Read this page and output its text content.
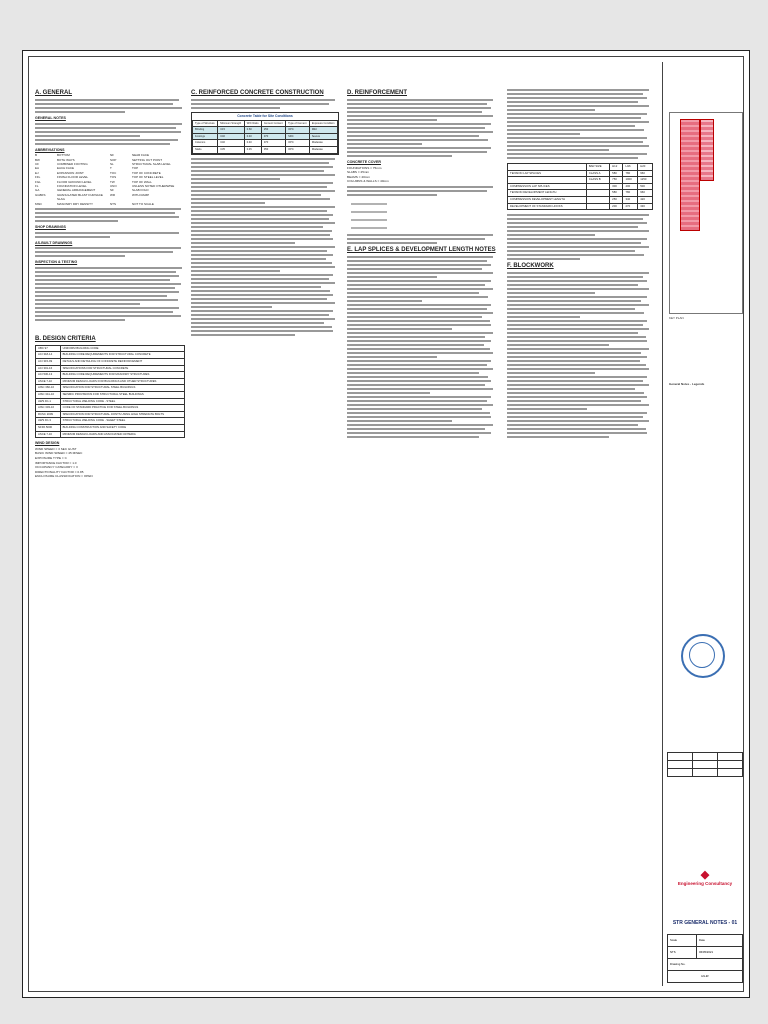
A. GENERAL
GENERAL NOTES
ABBREVIATIONS
B	BOTTOM	NF	NEAR FACE
BW	BOTH WAYS	SOP	SETTING OUT POINT
CF	COMBINED FOOTING	SL	STRUCTURAL SLAB LEVEL
EA	EACH FACE	T	TOP
EJ	EXPANSION JOINT	TOC	TOP OF CONCRETE
FFL	FINISH FLOOR LEVEL	TOS	TOP OF STEEL LEVEL
FGL	FLOOR GROUND LEVEL	TW	TOP OF WALL
FL	FOUNDATION LEVEL	UNO	UNLESS NOTED OTHERWISE
GA	GENERAL ARRANGEMENT	SF	SLAB FOLD
GGBFS	GRANULATED BLAST FURNACE SLAG
WR	WITH RAMP
MSD	MASONRY DRY DENSITY	NTS	NOT TO SCALE
SHOP DRAWINGS
AS-BUILT DRAWINGS
INSPECTION & TESTING
B. DESIGN CRITERIA
UBC 97	UNIFORM BUILDING CODE
ACI 318-14	BUILDING CODE REQUIREMENTS FOR STRUCTURAL CONCRETE
ACI 315-99	DETAILS AND DETAILING OF CONCRETE REINFORCEMENT
ACI 301-16	SPECIFICATIONS FOR STRUCTURAL CONCRETE
ACI 530-13	BUILDING CODE REQUIREMENTS FOR MASONRY STRUCTURES
ASCE 7-10	MINIMUM DESIGN LOADS FOR BUILDINGS AND OTHER STRUCTURES
AISC 360-10	SPECIFICATION FOR STRUCTURAL STEEL BUILDINGS
AISC 341-10	SEISMIC PROVISIONS FOR STRUCTURAL STEEL BUILDINGS
AWS D1.1	STRUCTURAL WELDING CODE - STEEL
AISC 303-10	CODE OF STANDARD PRACTICE FOR STEEL BUILDINGS
RCSC 2009	SPECIFICATION FOR STRUCTURAL JOINTS USING HIGH STRENGTH BOLTS
AWS D1.3	STRUCTURAL WELDING CODE - SHEET STEEL
NFPA 5000	BUILDING CONSTRUCTION AND SAFETY CODE
ASCE 7-16	MINIMUM DESIGN LOADS AND ASSOCIATED CRITERIA
WIND DESIGN
WIND SPEED = 3 SEC GUST
BASIC WIND SPEED = 45 M/SEC
EXPOSURE TYPE = C
IMPORTANCE FACTOR = 1.0
OCCUPANCY CATEGORY = II
DIRECTIONALITY FACTOR = 0.85
ENCLOSURE CLASSIFICATION = OPEN
C. REINFORCED CONCRETE CONSTRUCTION
Concrete Table for Site Conditions
Type of Structure	Minimum Strength	W/C Ratio	Cement Content	Type of Cement	Exposure Condition
Blinding	C15	0.60	250	OPC	Mild
Footings	C40	0.40	370	SRC	Severe
Columns	C40	0.40	370	OPC	Moderate
Slabs	C35	0.45	350	OPC	Moderate
D. REINFORCEMENT
CONCRETE COVER
FOUNDATIONS = 75mm
SLABS = 25mm
BEAMS = 40mm
COLUMNS & WALLS = 40mm
E. LAP SPLICES & DEVELOPMENT LENGTH NOTES
	BAR SIZE	H12	H16	H20
TENSION LAP SPLICES	CLASS A	580	780	960
	CLASS B	750	1000	1250
COMPRESSION LAP SPLICES		300	400	500
TENSION DEVELOPMENT LENGTH		580	780	960
COMPRESSION DEVELOPMENT LENGTH		250	340	420
DEVELOPMENT OF STANDARD HOOKS		200	270	330
F. BLOCKWORK
KEY PLAN
General Notes - Legends

◆
Engineering Consultancy
STR GENERAL NOTES - 01
Scale	Date
NTS	06/05/2021
Drawing No.	
GS-01	
